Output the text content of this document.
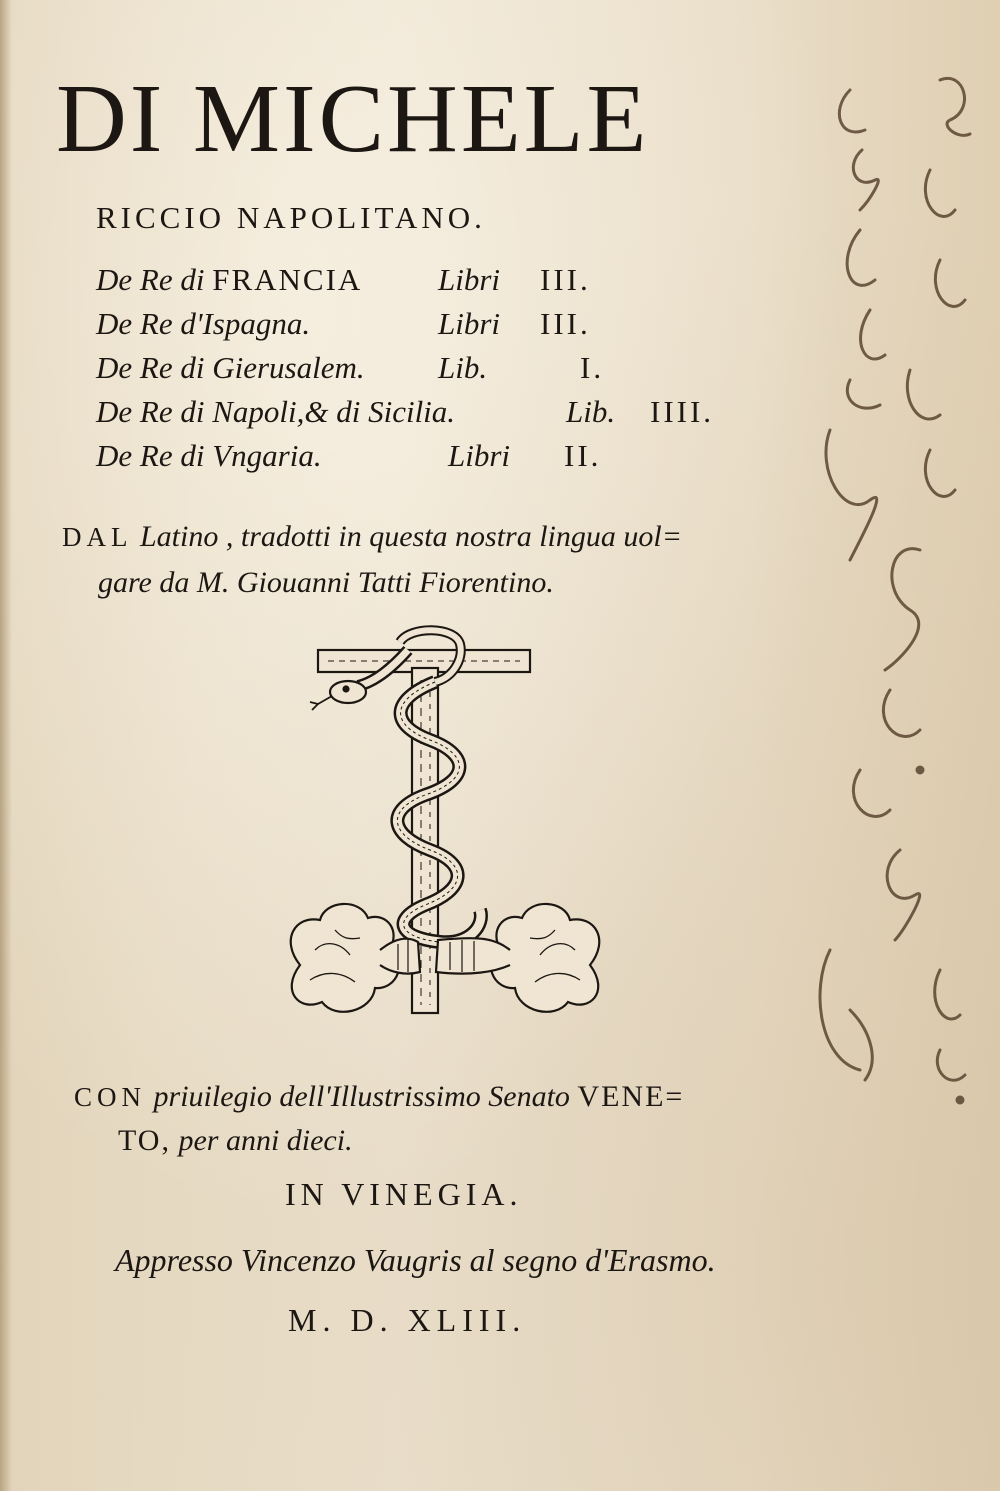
DI MICHELE
RICCIO NAPOLITANO.
De Re di FRANCIA Libri III.
De Re d'Ispagna.	Libri III.
De Re di Gierusalem. Lib.	I.
De Re di Napoli,& di Sicilia.	Lib. IIII.
De Re di Vngaria.	Libri II.
DAL Latino , tradotti in questa nostra lingua uol=
gare da M. Giouanni Tatti Fiorentino.
CON priuilegio dell'Illustrissimo Senato VENE=
TO, per anni dieci.
IN VINEGIA.
Appresso Vincenzo Vaugris al segno d'Erasmo.
M. D. XLIII.
